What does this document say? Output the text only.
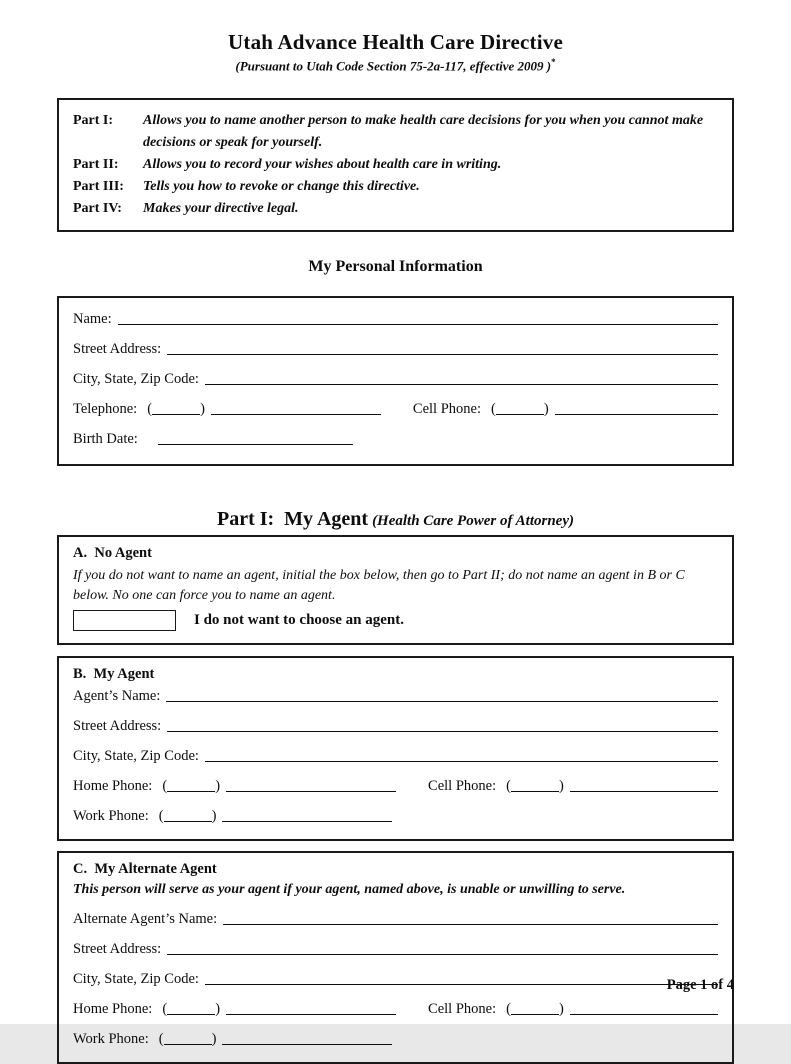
Utah Advance Health Care Directive
(Pursuant to Utah Code Section 75-2a-117, effective 2009 )*
Part I:	Allows you to name another person to make health care decisions for you when you cannot make decisions or speak for yourself.
Part II:	Allows you to record your wishes about health care in writing.
Part III:	Tells you how to revoke or change this directive.
Part IV:	Makes your directive legal.
My Personal Information
Name:
Street Address:
City, State, Zip Code:
Telephone: (	)	Cell Phone: (	)
Birth Date:
Part I:  My Agent (Health Care Power of Attorney)
A.  No Agent
If you do not want to name an agent, initial the box below, then go to Part II; do not name an agent in B or C below. No one can force you to name an agent.
I do not want to choose an agent.
B.  My Agent
Agent’s Name:
Street Address:
City, State, Zip Code:
Home Phone: (	)	Cell Phone: (	)
Work Phone: (	)
C.  My Alternate Agent
This person will serve as your agent if your agent, named above, is unable or unwilling to serve.
Alternate Agent’s Name:
Street Address:
City, State, Zip Code:
Home Phone: (	)	Cell Phone: (	)
Work Phone: (	)
Page 1 of 4
